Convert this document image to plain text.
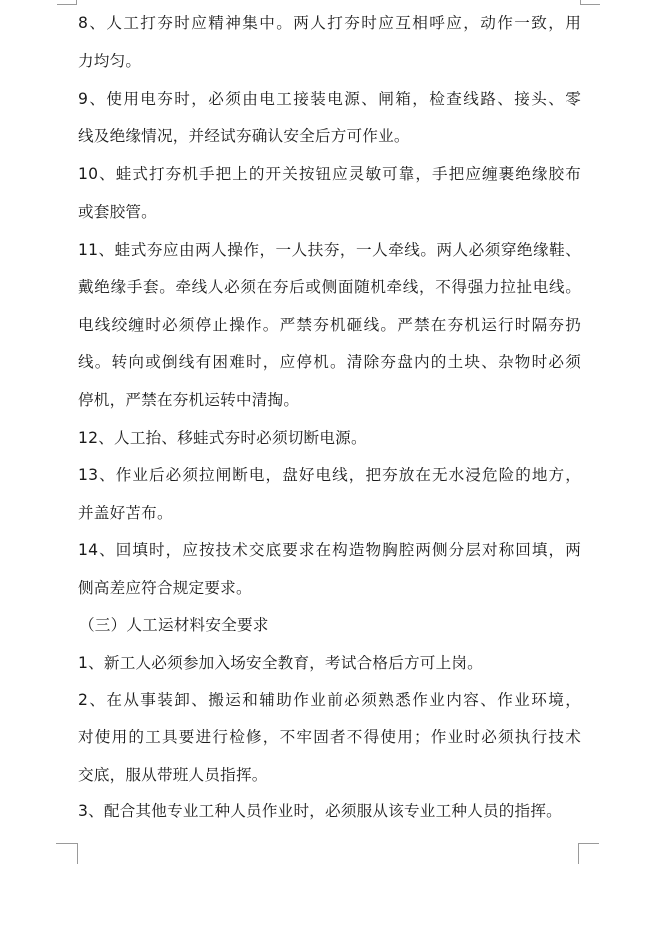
8、人工打夯时应精神集中。两人打夯时应互相呼应，动作一致，用
力均匀。
9、使用电夯时，必须由电工接装电源、闸箱，检查线路、接头、零
线及绝缘情况，并经试夯确认安全后方可作业。
10、蛙式打夯机手把上的开关按钮应灵敏可靠，手把应缠裹绝缘胶布
或套胶管。
11、蛙式夯应由两人操作，一人扶夯，一人牵线。两人必须穿绝缘鞋、
戴绝缘手套。牵线人必须在夯后或侧面随机牵线，不得强力拉扯电线。
电线绞缠时必须停止操作。严禁夯机砸线。严禁在夯机运行时隔夯扔
线。转向或倒线有困难时，应停机。清除夯盘内的土块、杂物时必须
停机，严禁在夯机运转中清掏。
12、人工抬、移蛙式夯时必须切断电源。
13、作业后必须拉闸断电，盘好电线，把夯放在无水浸危险的地方，
并盖好苫布。
14、回填时，应按技术交底要求在构造物胸腔两侧分层对称回填，两
侧高差应符合规定要求。
（三）人工运材料安全要求
1、新工人必须参加入场安全教育，考试合格后方可上岗。
2、在从事装卸、搬运和辅助作业前必须熟悉作业内容、作业环境，
对使用的工具要进行检修，不牢固者不得使用；作业时必须执行技术
交底，服从带班人员指挥。
3、配合其他专业工种人员作业时，必须服从该专业工种人员的指挥。
